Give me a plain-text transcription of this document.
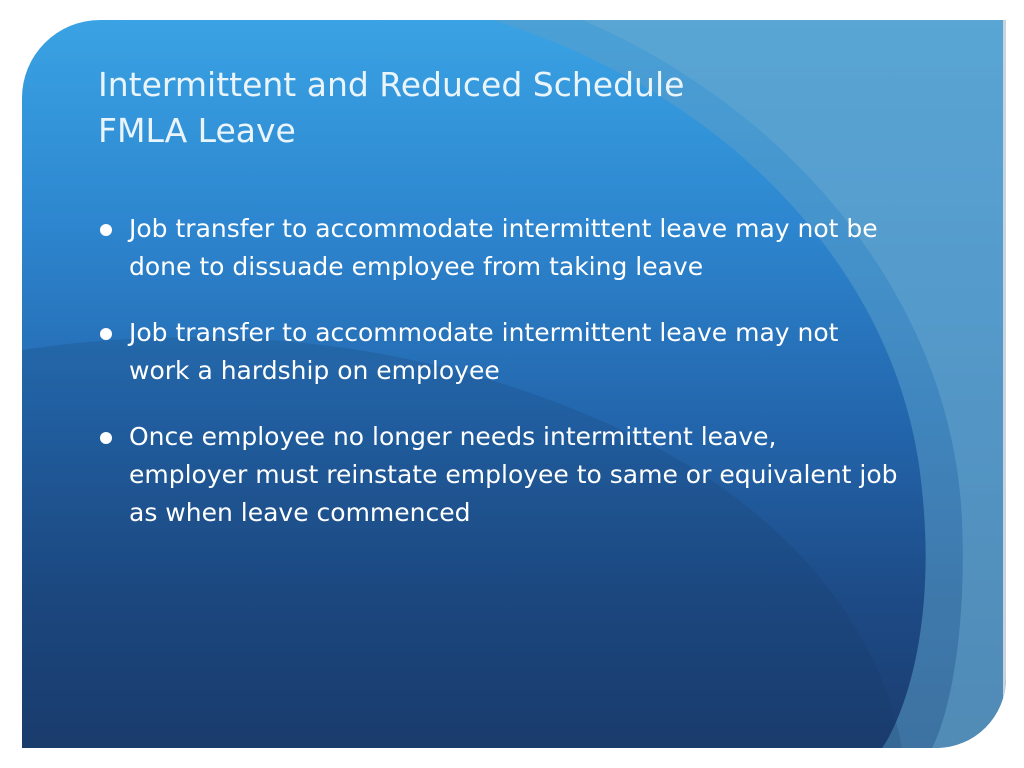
Intermittent and Reduced Schedule
FMLA Leave
Job transfer to accommodate intermittent leave may not be done to dissuade employee from taking leave
Job transfer to accommodate intermittent leave may not work a hardship on employee
Once employee no longer needs intermittent leave, employer must reinstate employee to same or equivalent job as when leave commenced
